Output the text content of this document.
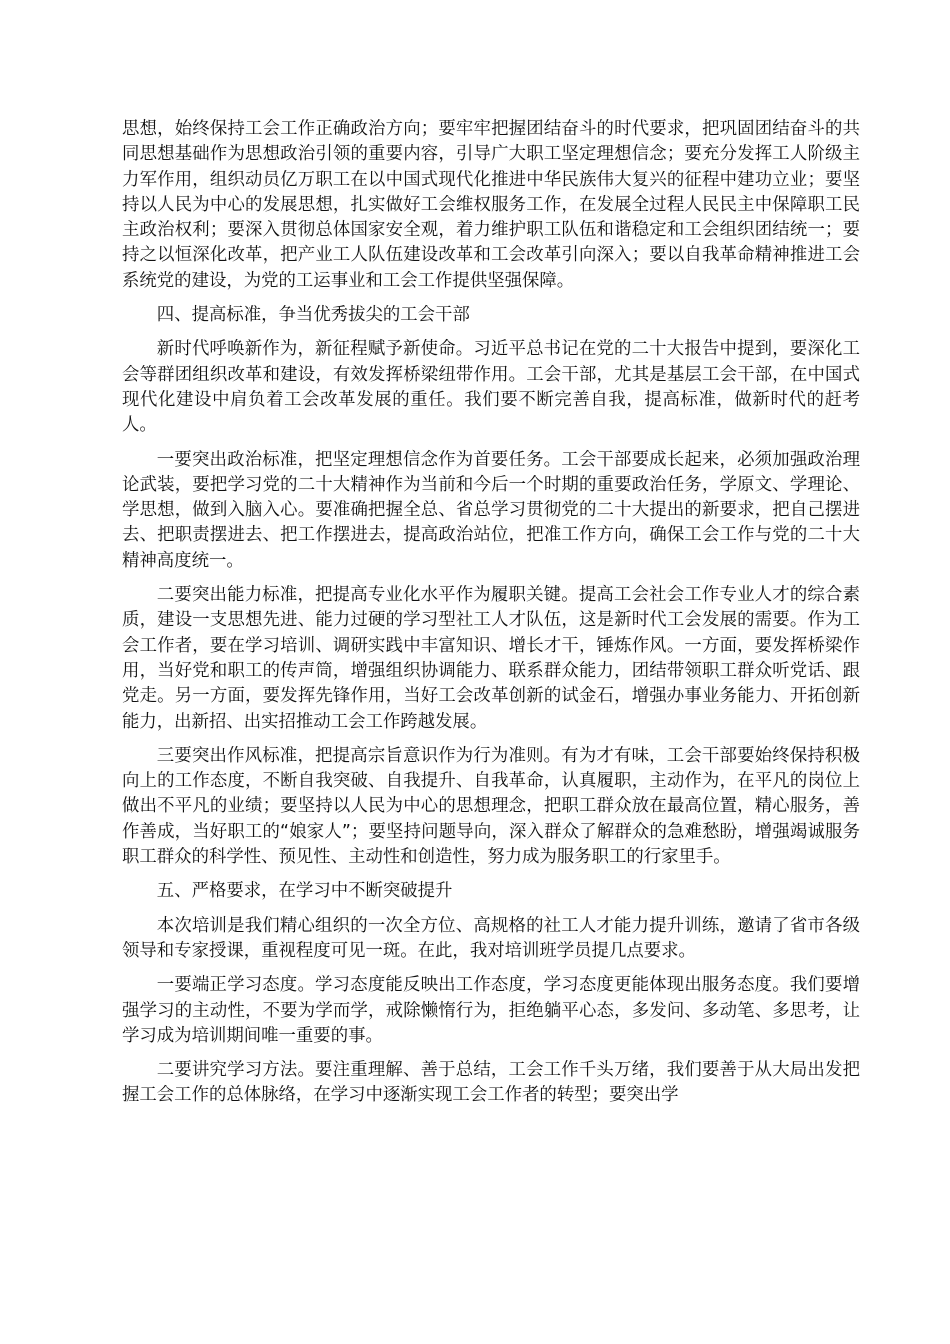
思想，始终保持工会工作正确政治方向；要牢牢把握团结奋斗的时代要求，把巩固团结奋斗的共同思想基础作为思想政治引领的重要内容，引导广大职工坚定理想信念；要充分发挥工人阶级主力军作用，组织动员亿万职工在以中国式现代化推进中华民族伟大复兴的征程中建功立业；要坚持以人民为中心的发展思想，扎实做好工会维权服务工作，在发展全过程人民民主中保障职工民主政治权利；要深入贯彻总体国家安全观，着力维护职工队伍和谐稳定和工会组织团结统一；要持之以恒深化改革，把产业工人队伍建设改革和工会改革引向深入；要以自我革命精神推进工会系统党的建设，为党的工运事业和工会工作提供坚强保障。

四、提高标准，争当优秀拔尖的工会干部

新时代呼唤新作为，新征程赋予新使命。习近平总书记在党的二十大报告中提到，要深化工会等群团组织改革和建设，有效发挥桥梁纽带作用。工会干部，尤其是基层工会干部，在中国式现代化建设中肩负着工会改革发展的重任。我们要不断完善自我，提高标准，做新时代的赶考人。

一要突出政治标准，把坚定理想信念作为首要任务。工会干部要成长起来，必须加强政治理论武装，要把学习党的二十大精神作为当前和今后一个时期的重要政治任务，学原文、学理论、学思想，做到入脑入心。要准确把握全总、省总学习贯彻党的二十大提出的新要求，把自己摆进去、把职责摆进去、把工作摆进去，提高政治站位，把准工作方向，确保工会工作与党的二十大精神高度统一。

二要突出能力标准，把提高专业化水平作为履职关键。提高工会社会工作专业人才的综合素质，建设一支思想先进、能力过硬的学习型社工人才队伍，这是新时代工会发展的需要。作为工会工作者，要在学习培训、调研实践中丰富知识、增长才干，锤炼作风。一方面，要发挥桥梁作用，当好党和职工的传声筒，增强组织协调能力、联系群众能力，团结带领职工群众听党话、跟党走。另一方面，要发挥先锋作用，当好工会改革创新的试金石，增强办事业务能力、开拓创新能力，出新招、出实招推动工会工作跨越发展。

三要突出作风标准，把提高宗旨意识作为行为准则。有为才有味，工会干部要始终保持积极向上的工作态度，不断自我突破、自我提升、自我革命，认真履职，主动作为，在平凡的岗位上做出不平凡的业绩；要坚持以人民为中心的思想理念，把职工群众放在最高位置，精心服务，善作善成，当好职工的“娘家人”；要坚持问题导向，深入群众了解群众的急难愁盼，增强竭诚服务职工群众的科学性、预见性、主动性和创造性，努力成为服务职工的行家里手。

五、严格要求，在学习中不断突破提升

本次培训是我们精心组织的一次全方位、高规格的社工人才能力提升训练，邀请了省市各级领导和专家授课，重视程度可见一斑。在此，我对培训班学员提几点要求。

一要端正学习态度。学习态度能反映出工作态度，学习态度更能体现出服务态度。我们要增强学习的主动性，不要为学而学，戒除懒惰行为，拒绝躺平心态，多发问、多动笔、多思考，让学习成为培训期间唯一重要的事。

二要讲究学习方法。要注重理解、善于总结，工会工作千头万绪，我们要善于从大局出发把握工会工作的总体脉络，在学习中逐渐实现工会工作者的转型；要突出学
